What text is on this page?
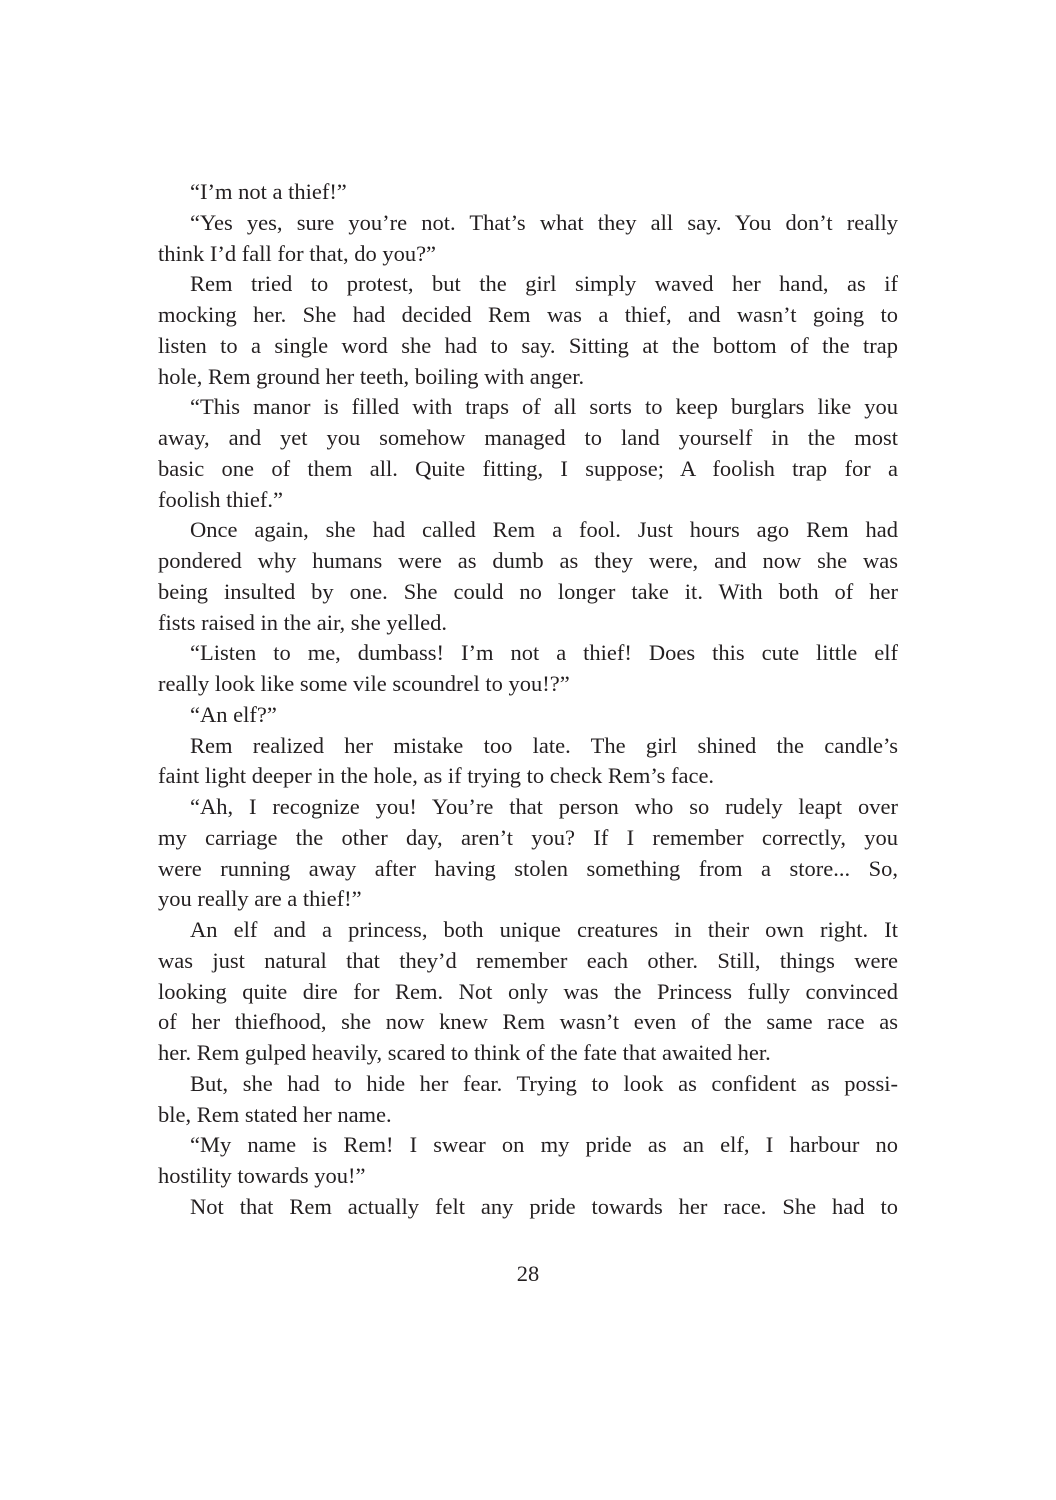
“I’m not a thief!”
“Yes yes, sure you’re not. That’s what they all say. You don’t really
think I’d fall for that, do you?”
Rem tried to protest, but the girl simply waved her hand, as if
mocking her. She had decided Rem was a thief, and wasn’t going to
listen to a single word she had to say. Sitting at the bottom of the trap
hole, Rem ground her teeth, boiling with anger.
“This manor is filled with traps of all sorts to keep burglars like you
away, and yet you somehow managed to land yourself in the most
basic one of them all. Quite fitting, I suppose; A foolish trap for a
foolish thief.”
Once again, she had called Rem a fool. Just hours ago Rem had
pondered why humans were as dumb as they were, and now she was
being insulted by one. She could no longer take it. With both of her
fists raised in the air, she yelled.
“Listen to me, dumbass! I’m not a thief! Does this cute little elf
really look like some vile scoundrel to you!?”
“An elf?”
Rem realized her mistake too late. The girl shined the candle’s
faint light deeper in the hole, as if trying to check Rem’s face.
“Ah, I recognize you! You’re that person who so rudely leapt over
my carriage the other day, aren’t you? If I remember correctly, you
were running away after having stolen something from a store... So,
you really are a thief!”
An elf and a princess, both unique creatures in their own right. It
was just natural that they’d remember each other. Still, things were
looking quite dire for Rem. Not only was the Princess fully convinced
of her thiefhood, she now knew Rem wasn’t even of the same race as
her. Rem gulped heavily, scared to think of the fate that awaited her.
But, she had to hide her fear. Trying to look as confident as possi-
ble, Rem stated her name.
“My name is Rem! I swear on my pride as an elf, I harbour no
hostility towards you!”
Not that Rem actually felt any pride towards her race. She had to
28
